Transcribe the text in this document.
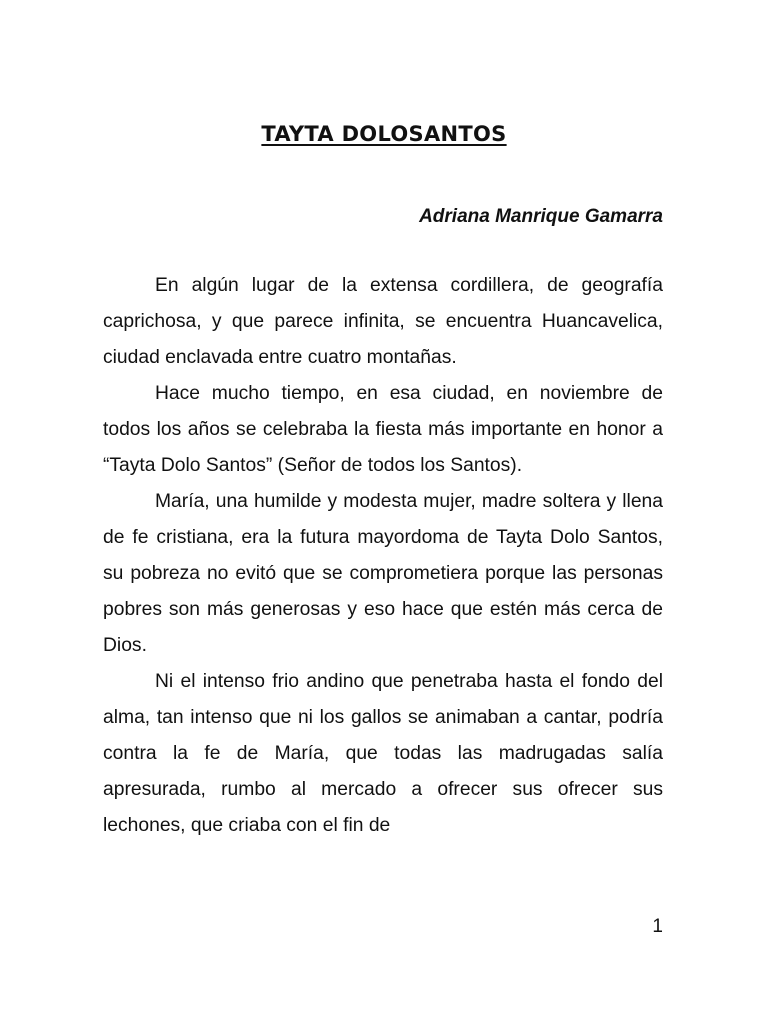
TAYTA DOLOSANTOS
Adriana Manrique Gamarra

En algún lugar de la extensa cordillera, de geografía caprichosa, y que parece infinita, se encuentra Huancavelica, ciudad enclavada entre cuatro montañas.

Hace mucho tiempo, en esa ciudad, en noviembre de todos los años se celebraba la fiesta más importante en honor a “Tayta Dolo Santos” (Señor de todos los Santos).

María, una humilde y modesta mujer, madre soltera y llena de fe cristiana, era la futura mayordoma de Tayta Dolo Santos, su pobreza no evitó que se comprometiera porque las personas pobres son más generosas y eso hace que estén más cerca de Dios.

Ni el intenso frio andino que penetraba hasta el fondo del alma, tan intenso que ni los gallos se animaban a cantar, podría contra la fe de María, que todas las madrugadas salía apresurada, rumbo al mercado a ofrecer sus ofrecer sus lechones, que criaba con el fin de

1
